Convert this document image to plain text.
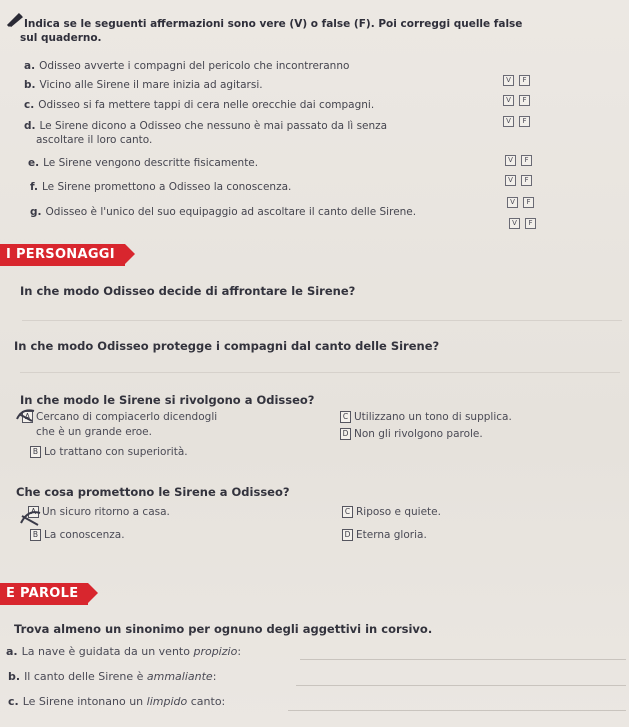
Indica se le seguenti affermazioni sono vere (V) o false (F). Poi correggi quelle false
sul quaderno.
a. Odisseo avverte i compagni del pericolo che incontreranno
V F
b. Vicino alle Sirene il mare inizia ad agitarsi.
V F
c. Odisseo si fa mettere tappi di cera nelle orecchie dai compagni.
V F
d. Le Sirene dicono a Odisseo che nessuno è mai passato da lì senza
ascoltare il loro canto.
V F
e. Le Sirene vengono descritte fisicamente.
V F
f. Le Sirene promettono a Odisseo la conoscenza.
V F
g. Odisseo è l'unico del suo equipaggio ad ascoltare il canto delle Sirene.
V F
I PERSONAGGI
In che modo Odisseo decide di affrontare le Sirene?
In che modo Odisseo protegge i compagni dal canto delle Sirene?
In che modo le Sirene si rivolgono a Odisseo?
A Cercano di compiacerlo dicendogli
che è un grande eroe.
B Lo trattano con superiorità.
C Utilizzano un tono di supplica.
D Non gli rivolgono parole.
Che cosa promettono le Sirene a Odisseo?
A Un sicuro ritorno a casa.
B La conoscenza.
C Riposo e quiete.
D Eterna gloria.
E PAROLE
Trova almeno un sinonimo per ognuno degli aggettivi in corsivo.
a. La nave è guidata da un vento propizio:
b. Il canto delle Sirene è ammaliante:
c. Le Sirene intonano un limpido canto:
